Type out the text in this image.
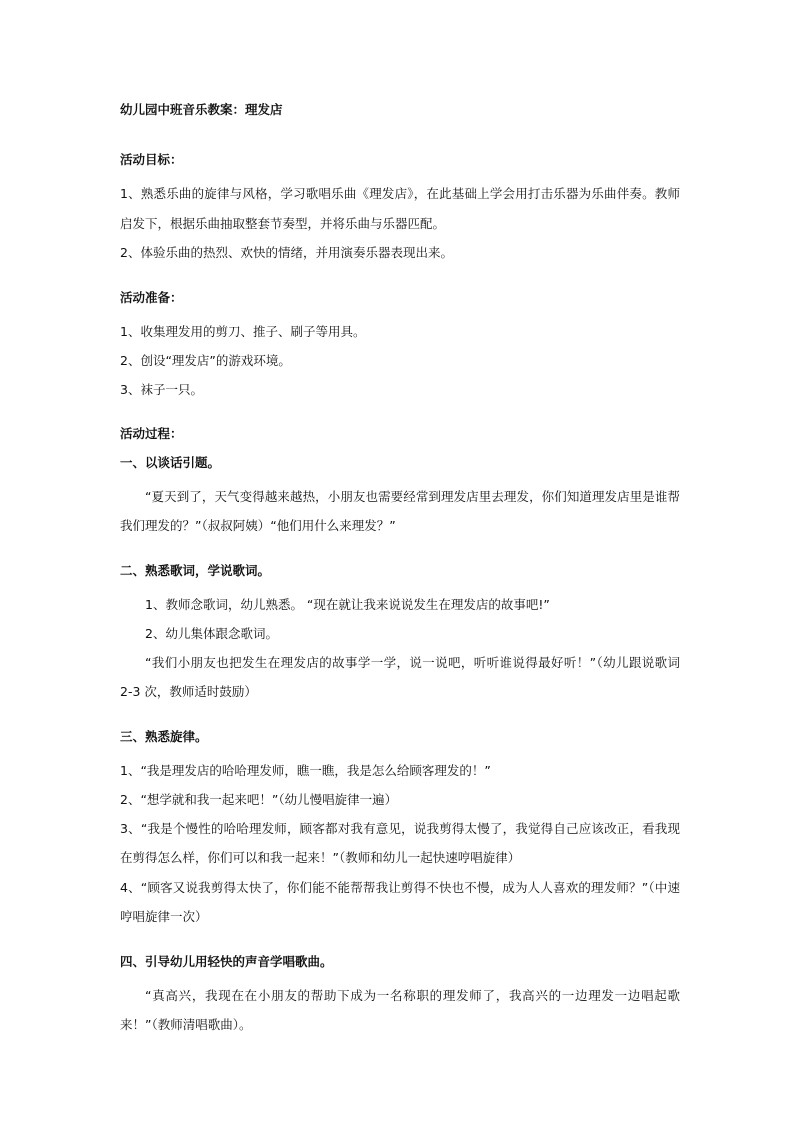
幼儿园中班音乐教案：理发店
活动目标：

1、熟悉乐曲的旋律与风格，学习歌唱乐曲《理发店》，在此基础上学会用打击乐器为乐曲伴奏。教师启发下，根据乐曲抽取整套节奏型，并将乐曲与乐器匹配。

2、体验乐曲的热烈、欢快的情绪，并用演奏乐器表现出来。

活动准备：

1、收集理发用的剪刀、推子、刷子等用具。

2、创设“理发店”的游戏环境。

3、袜子一只。

活动过程：
一、以谈话引题。

“夏天到了，天气变得越来越热，小朋友也需要经常到理发店里去理发，你们知道理发店里是谁帮我们理发的？”（叔叔阿姨）“他们用什么来理发？”

二、熟悉歌词，学说歌词。

1、教师念歌词，幼儿熟悉。 “现在就让我来说说发生在理发店的故事吧!”

2、幼儿集体跟念歌词。

“我们小朋友也把发生在理发店的故事学一学，说一说吧，听听谁说得最好听！”（幼儿跟说歌词 2-3 次，教师适时鼓励）

三、熟悉旋律。

1、“我是理发店的哈哈理发师，瞧一瞧，我是怎么给顾客理发的！”

2、“想学就和我一起来吧！”（幼儿慢唱旋律一遍）

3、“我是个慢性的哈哈理发师，顾客都对我有意见，说我剪得太慢了，我觉得自己应该改正，看我现在剪得怎么样，你们可以和我一起来！”（教师和幼儿一起快速哼唱旋律）

4、“顾客又说我剪得太快了，你们能不能帮帮我让剪得不快也不慢，成为人人喜欢的理发师？”（中速哼唱旋律一次）

四、引导幼儿用轻快的声音学唱歌曲。

“真高兴，我现在在小朋友的帮助下成为一名称职的理发师了，我高兴的一边理发一边唱起歌来！”（教师清唱歌曲）。
